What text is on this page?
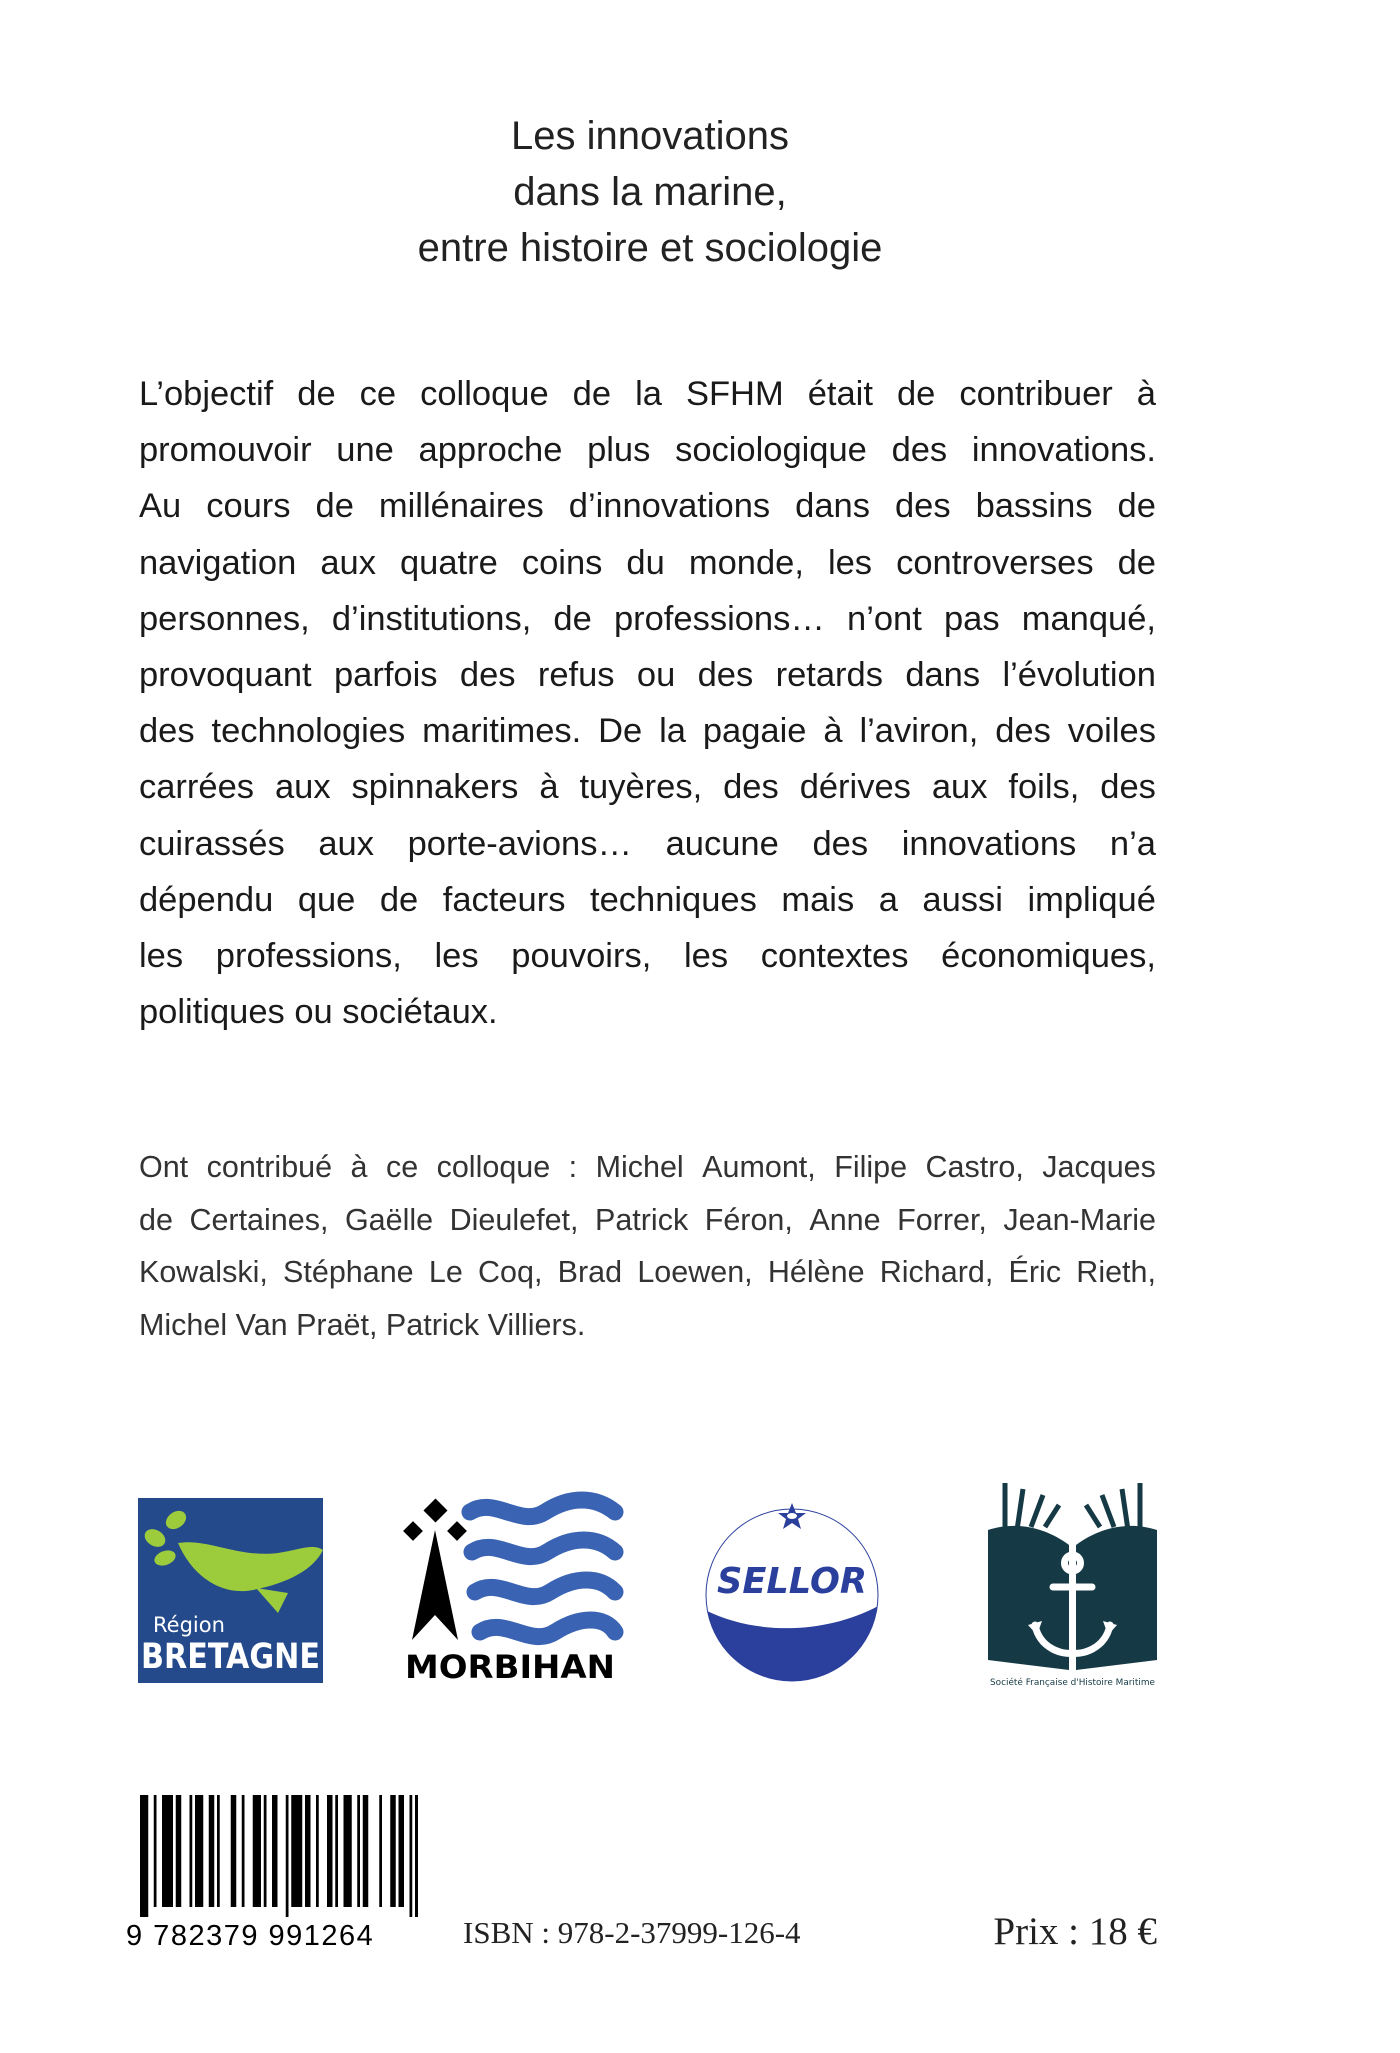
Les innovations
dans la marine,
entre histoire et sociologie
L’objectif de ce colloque de la SFHM était de contribuer à
promouvoir une approche plus sociologique des innovations.
Au cours de millénaires d’innovations dans des bassins de
navigation aux quatre coins du monde, les controverses de
personnes, d’institutions, de professions… n’ont pas manqué,
provoquant parfois des refus ou des retards dans l’évolution
des technologies maritimes. De la pagaie à l’aviron, des voiles
carrées aux spinnakers à tuyères, des dérives aux foils, des
cuirassés aux porte-avions… aucune des innovations n’a
dépendu que de facteurs techniques mais a aussi impliqué
les professions, les pouvoirs, les contextes économiques,
politiques ou sociétaux.
Ont contribué à ce colloque : Michel Aumont, Filipe Castro, Jacques
de Certaines, Gaëlle Dieulefet, Patrick Féron, Anne Forrer, Jean-Marie
Kowalski, Stéphane Le Coq, Brad Loewen, Hélène Richard, Éric Rieth,
Michel Van Praët, Patrick Villiers.
Région
BRETAGNE	MORBIHAN
SELLOR
Société Française d'Histoire Maritime
9 782379 991264	ISBN : 978-2-37999-126-4	Prix : 18 €
